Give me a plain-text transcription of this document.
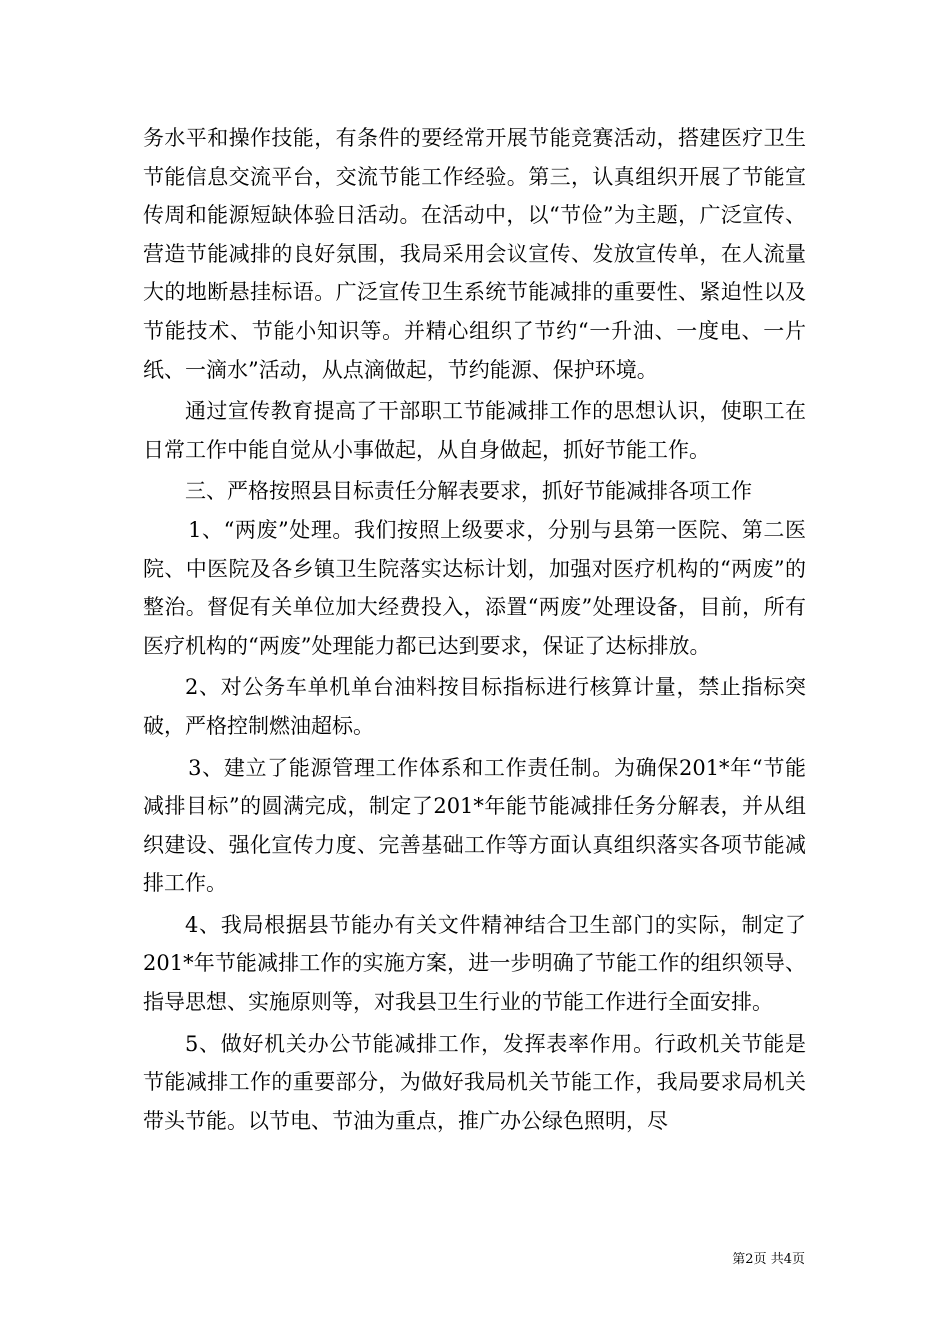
务水平和操作技能，有条件的要经常开展节能竞赛活动，搭建医疗卫生节能信息交流平台，交流节能工作经验。第三，认真组织开展了节能宣传周和能源短缺体验日活动。在活动中，以“节俭”为主题，广泛宣传、营造节能减排的良好氛围，我局采用会议宣传、发放宣传单，在人流量大的地断悬挂标语。广泛宣传卫生系统节能减排的重要性、紧迫性以及节能技术、节能小知识等。并精心组织了节约“一升油、一度电、一片纸、一滴水”活动，从点滴做起，节约能源、保护环境。

通过宣传教育提高了干部职工节能减排工作的思想认识，使职工在日常工作中能自觉从小事做起，从自身做起，抓好节能工作。

三、严格按照县目标责任分解表要求，抓好节能减排各项工作

1、“两废”处理。我们按照上级要求，分别与县第一医院、第二医院、中医院及各乡镇卫生院落实达标计划，加强对医疗机构的“两废”的整治。督促有关单位加大经费投入，添置“两废”处理设备，目前，所有医疗机构的“两废”处理能力都已达到要求，保证了达标排放。

2、对公务车单机单台油料按目标指标进行核算计量，禁止指标突破，严格控制燃油超标。

3、建立了能源管理工作体系和工作责任制。为确保201*年“节能减排目标”的圆满完成，制定了201*年能节能减排任务分解表，并从组织建设、强化宣传力度、完善基础工作等方面认真组织落实各项节能减排工作。

4、我局根据县节能办有关文件精神结合卫生部门的实际，制定了201*年节能减排工作的实施方案，进一步明确了节能工作的组织领导、指导思想、实施原则等，对我县卫生行业的节能工作进行全面安排。

5、做好机关办公节能减排工作，发挥表率作用。行政机关节能是节能减排工作的重要部分，为做好我局机关节能工作，我局要求局机关带头节能。以节电、节油为重点，推广办公绿色照明，尽

第2页 共4页
